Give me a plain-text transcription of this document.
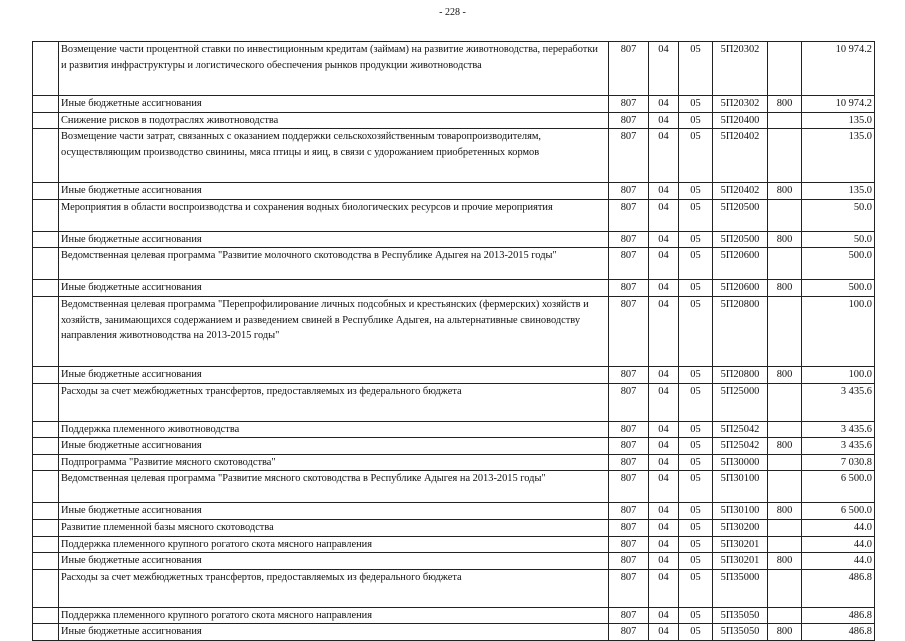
- 228 -
	Возмещение части процентной ставки по инвестиционным кредитам (займам) на развитие животноводства, переработки и развития инфраструктуры и логистического обеспечения рынков продукции животноводства	807	04	05	5П20302		10 974.2
	Иные бюджетные ассигнования	807	04	05	5П20302	800	10 974.2
	Снижение рисков в подотраслях животноводства	807	04	05	5П20400		135.0
	Возмещение части затрат, связанных с оказанием поддержки сельскохозяйственным товаропроизводителям, осуществляющим производство свинины, мяса птицы и яиц, в связи с удорожанием приобретенных кормов	807	04	05	5П20402		135.0
	Иные бюджетные ассигнования	807	04	05	5П20402	800	135.0
	Мероприятия в области воспроизводства и сохранения водных биологических ресурсов и прочие мероприятия	807	04	05	5П20500		50.0
	Иные бюджетные ассигнования	807	04	05	5П20500	800	50.0
	Ведомственная целевая программа "Развитие молочного скотоводства в Республике Адыгея на 2013-2015 годы"	807	04	05	5П20600		500.0
	Иные бюджетные ассигнования	807	04	05	5П20600	800	500.0
	Ведомственная целевая программа "Перепрофилирование личных подсобных и крестьянских (фермерских) хозяйств и хозяйств, занимающихся содержанием и разведением свиней в Республике Адыгея, на альтернативные свиноводству направления животноводства на 2013-2015 годы"	807	04	05	5П20800		100.0
	Иные бюджетные ассигнования	807	04	05	5П20800	800	100.0
	Расходы за счет межбюджетных трансфертов, предоставляемых из федерального бюджета	807	04	05	5П25000		3 435.6
	Поддержка племенного животноводства	807	04	05	5П25042		3 435.6
	Иные бюджетные ассигнования	807	04	05	5П25042	800	3 435.6
	Подпрограмма "Развитие мясного скотоводства"	807	04	05	5П30000		7 030.8
	Ведомственная целевая программа "Развитие мясного скотоводства в Республике Адыгея на 2013-2015 годы"	807	04	05	5П30100		6 500.0
	Иные бюджетные ассигнования	807	04	05	5П30100	800	6 500.0
	Развитие племенной базы мясного скотоводства	807	04	05	5П30200		44.0
	Поддержка племенного крупного рогатого скота мясного направления	807	04	05	5П30201		44.0
	Иные бюджетные ассигнования	807	04	05	5П30201	800	44.0
	Расходы за счет межбюджетных трансфертов, предоставляемых из федерального бюджета	807	04	05	5П35000		486.8
	Поддержка племенного крупного рогатого скота мясного направления	807	04	05	5П35050		486.8
	Иные бюджетные ассигнования	807	04	05	5П35050	800	486.8
